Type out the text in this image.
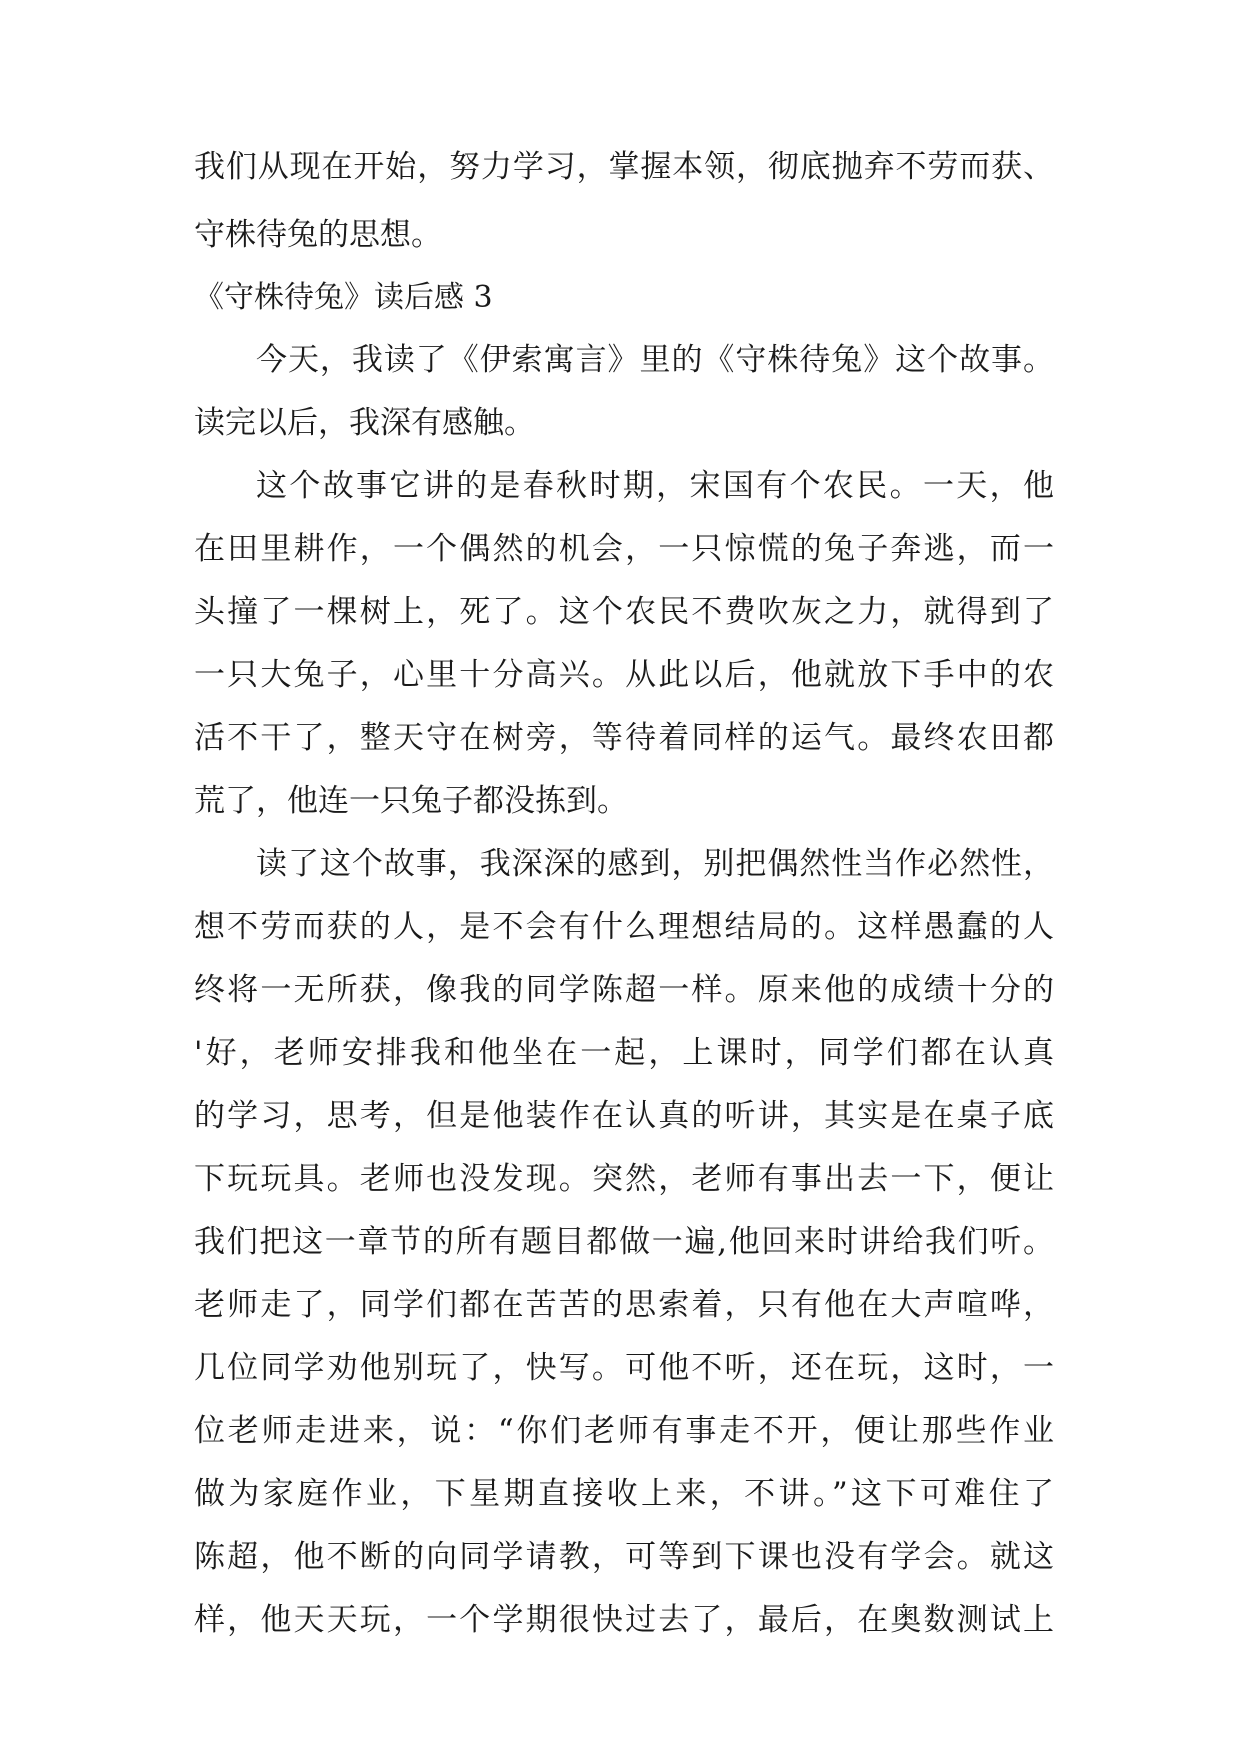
我们从现在开始，努力学习，掌握本领，彻底抛弃不劳而获、
守株待兔的思想。
《守株待兔》读后感 3
今天，我读了《伊索寓言》里的《守株待兔》这个故事。
读完以后，我深有感触。
这个故事它讲的是春秋时期，宋国有个农民。一天，他
在田里耕作，一个偶然的机会，一只惊慌的兔子奔逃，而一
头撞了一棵树上，死了。这个农民不费吹灰之力，就得到了
一只大兔子，心里十分高兴。从此以后，他就放下手中的农
活不干了，整天守在树旁，等待着同样的运气。最终农田都
荒了，他连一只兔子都没拣到。
读了这个故事，我深深的感到，别把偶然性当作必然性，
想不劳而获的人，是不会有什么理想结局的。这样愚蠢的人
终将一无所获，像我的同学陈超一样。原来他的成绩十分的
'好，老师安排我和他坐在一起，上课时，同学们都在认真
的学习，思考，但是他装作在认真的听讲，其实是在桌子底
下玩玩具。老师也没发现。突然，老师有事出去一下，便让
我们把这一章节的所有题目都做一遍,他回来时讲给我们听。
老师走了，同学们都在苦苦的思索着，只有他在大声喧哗，
几位同学劝他别玩了，快写。可他不听，还在玩，这时，一
位老师走进来，说：“你们老师有事走不开，便让那些作业
做为家庭作业，下星期直接收上来，不讲。”这下可难住了
陈超，他不断的向同学请教，可等到下课也没有学会。就这
样，他天天玩，一个学期很快过去了，最后，在奥数测试上
